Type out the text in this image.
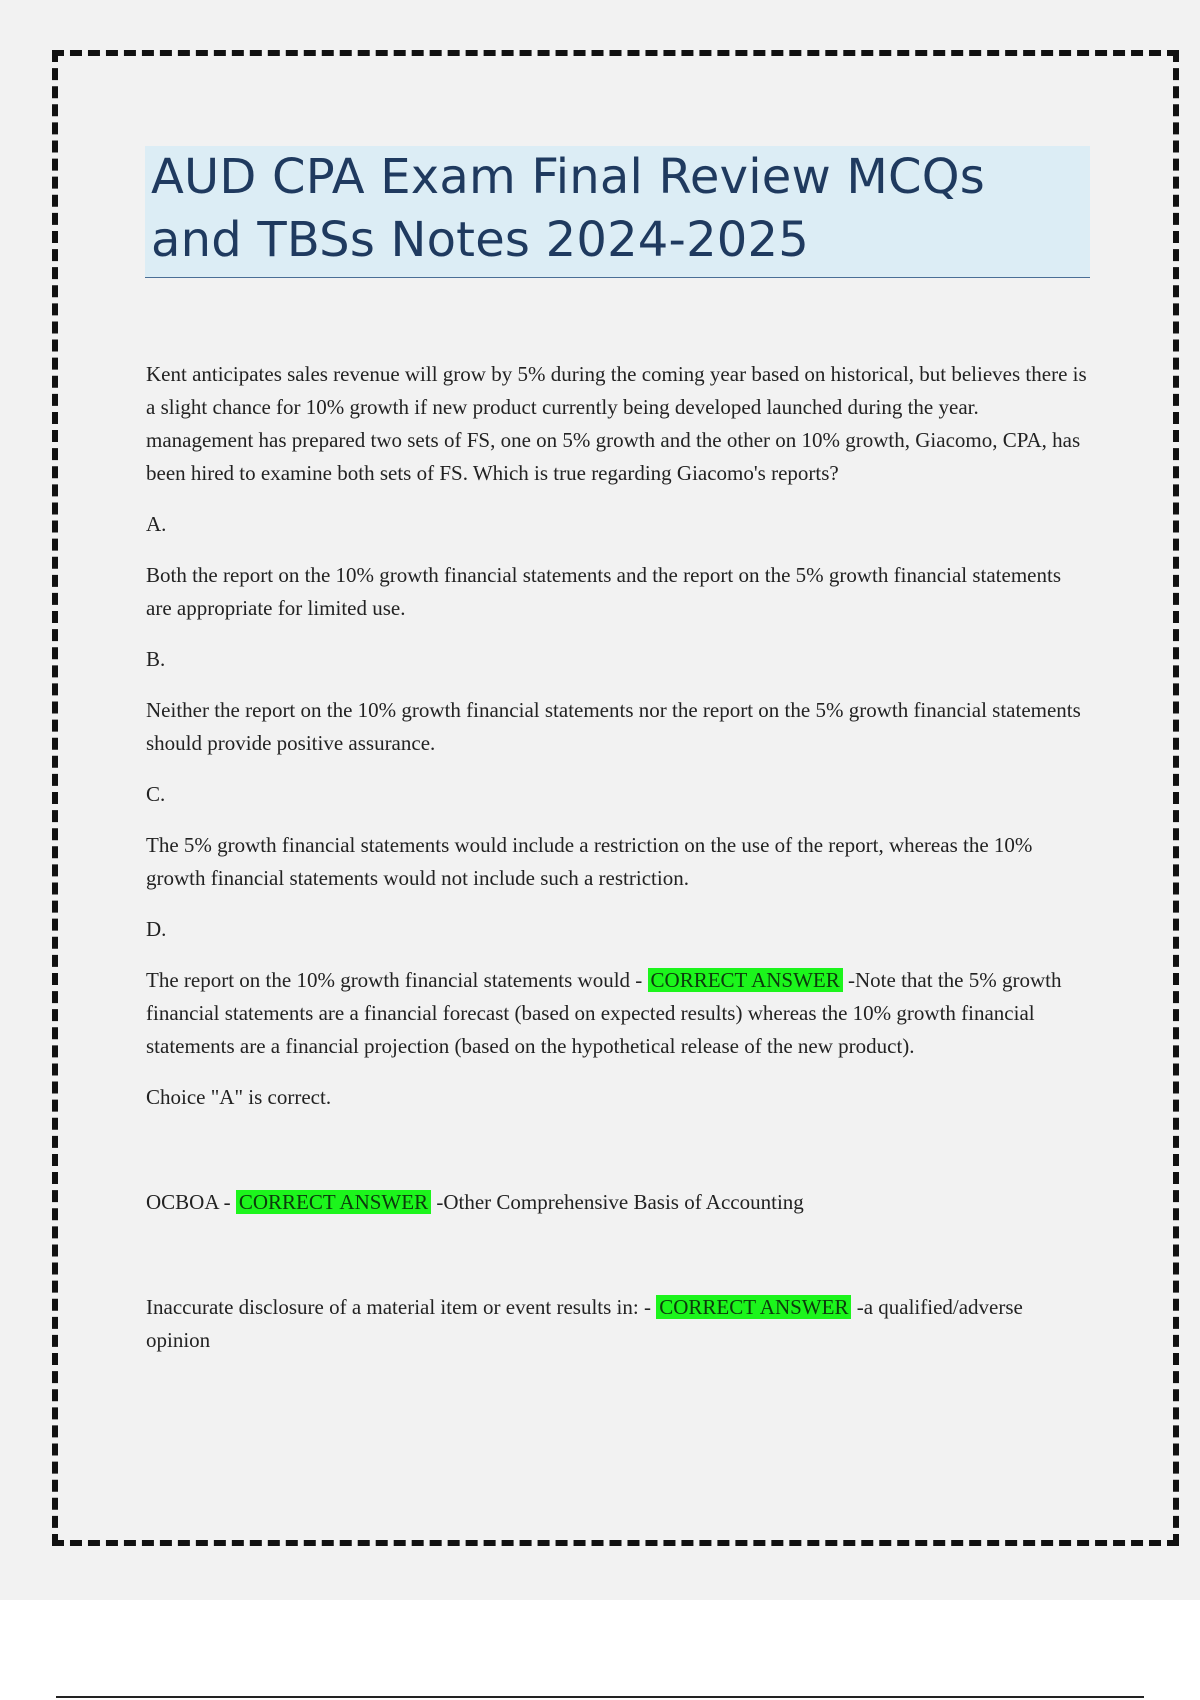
AUD CPA Exam Final Review MCQs and TBSs Notes 2024-2025

Kent anticipates sales revenue will grow by 5% during the coming year based on historical, but believes there is a slight chance for 10% growth if new product currently being developed launched during the year. management has prepared two sets of FS, one on 5% growth and the other on 10% growth, Giacomo, CPA, has been hired to examine both sets of FS. Which is true regarding Giacomo's reports?

A.

Both the report on the 10% growth financial statements and the report on the 5% growth financial statements are appropriate for limited use.

B.

Neither the report on the 10% growth financial statements nor the report on the 5% growth financial statements should provide positive assurance.

C.

The 5% growth financial statements would include a restriction on the use of the report, whereas the 10% growth financial statements would not include such a restriction.

D.

The report on the 10% growth financial statements would - CORRECT ANSWER -Note that the 5% growth financial statements are a financial forecast (based on expected results) whereas the 10% growth financial statements are a financial projection (based on the hypothetical release of the new product).

Choice "A" is correct.

OCBOA - CORRECT ANSWER -Other Comprehensive Basis of Accounting

Inaccurate disclosure of a material item or event results in: - CORRECT ANSWER -a qualified/adverse opinion
